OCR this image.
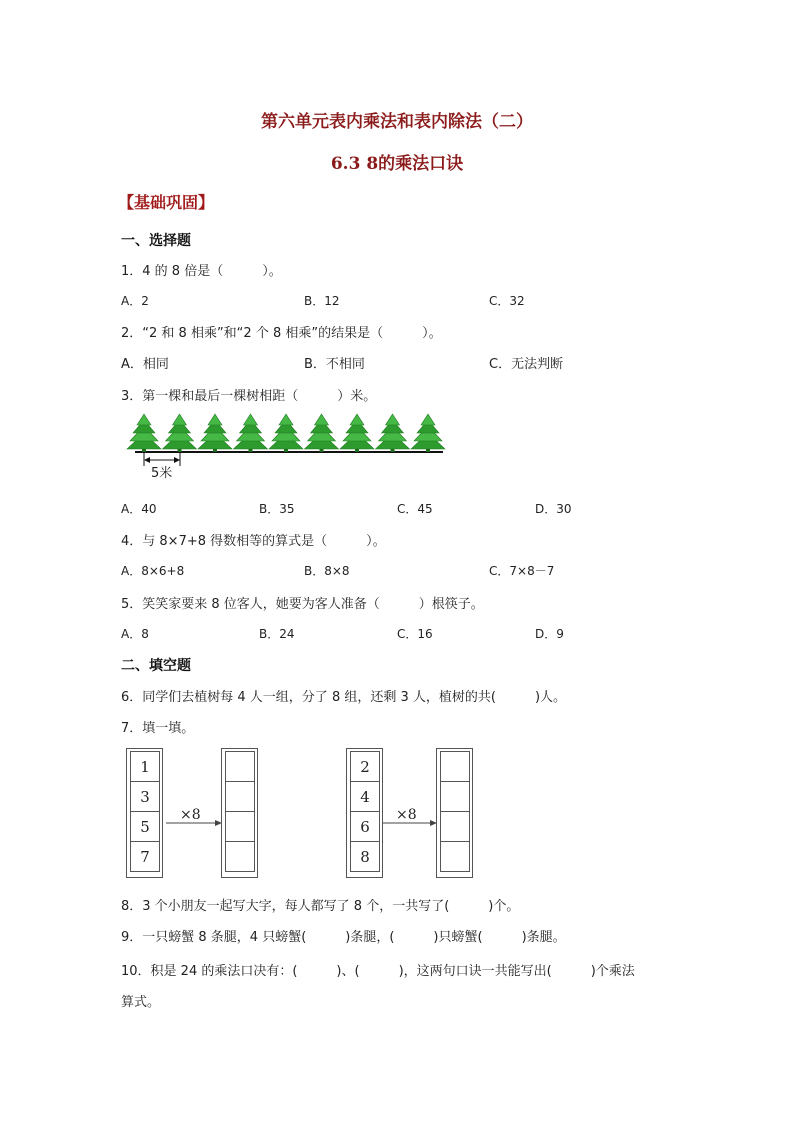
第六单元表内乘法和表内除法（二）
6.3 8的乘法口诀
【基础巩固】
一、选择题
1．4 的 8 倍是（　　　）。
A．2	B．12	C．32
2．“2 和 8 相乘”和“2 个 8 相乘”的结果是（　　　）。
A．相同	B．不相同	C．无法判断
3．第一棵和最后一棵树相距（　　　）米。
5米
A．40	B．35	C．45	D．30
4．与 8×7+8 得数相等的算式是（　　　）。
A．8×6+8	B．8×8	C．7×8－7
5．笑笑家要来 8 位客人，她要为客人准备（　　　）根筷子。
A．8	B．24	C．16	D．9
二、填空题
6．同学们去植树每 4 人一组，分了 8 组，还剩 3 人，植树的共(　　　)人。
7．填一填。
1
3
5
7
×8

2
4
6
8
×8

8．3 个小朋友一起写大字，每人都写了 8 个，一共写了(　　　)个。
9．一只螃蟹 8 条腿，4 只螃蟹(　　　)条腿，(　　　)只螃蟹(　　　)条腿。
10．积是 24 的乘法口决有：(　　　)、(　　　)，这两句口诀一共能写出(　　　)个乘法
算式。
